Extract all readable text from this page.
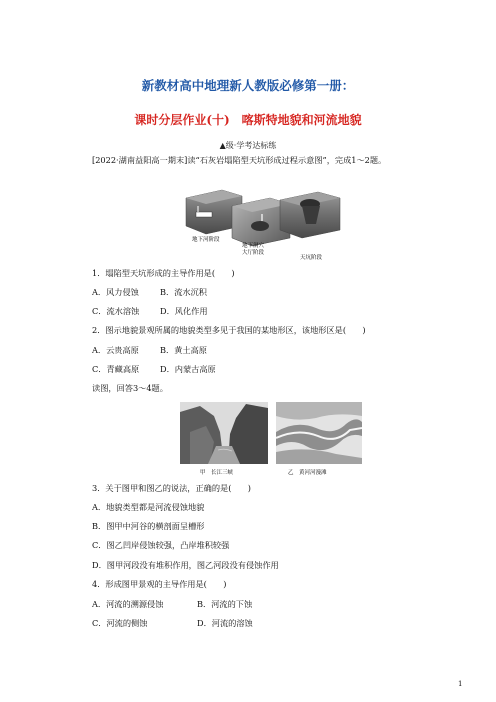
新教材高中地理新人教版必修第一册：
课时分层作业(十)　喀斯特地貌和河流地貌
▲级·学考达标练
[2022·湖南益阳高一期末]读“石灰岩塌陷型天坑形成过程示意图”，完成1～2题。
地下河阶段
地下洞穴
大厅阶段
天坑阶段
1．塌陷型天坑形成的主导作用是(　　)
A．风力侵蚀	B．流水沉积
C．流水溶蚀	D．风化作用
2．图示地貌景观所属的地貌类型多见于我国的某地形区，该地形区是(　　)
A．云贵高原	B．黄土高原
C．青藏高原	D．内蒙古高原
读图，回答3～4题。
甲　长江三峡	乙　黄河河漫滩
3．关于图甲和图乙的说法，正确的是(　　)
A．地貌类型都是河流侵蚀地貌
B．图甲中河谷的横剖面呈槽形
C．图乙凹岸侵蚀较强，凸岸堆积较强
D．图甲河段没有堆积作用，图乙河段没有侵蚀作用
4．形成图甲景观的主导作用是(　　)
A．河流的溯源侵蚀	B．河流的下蚀
C．河流的侧蚀	D．河流的溶蚀
1
